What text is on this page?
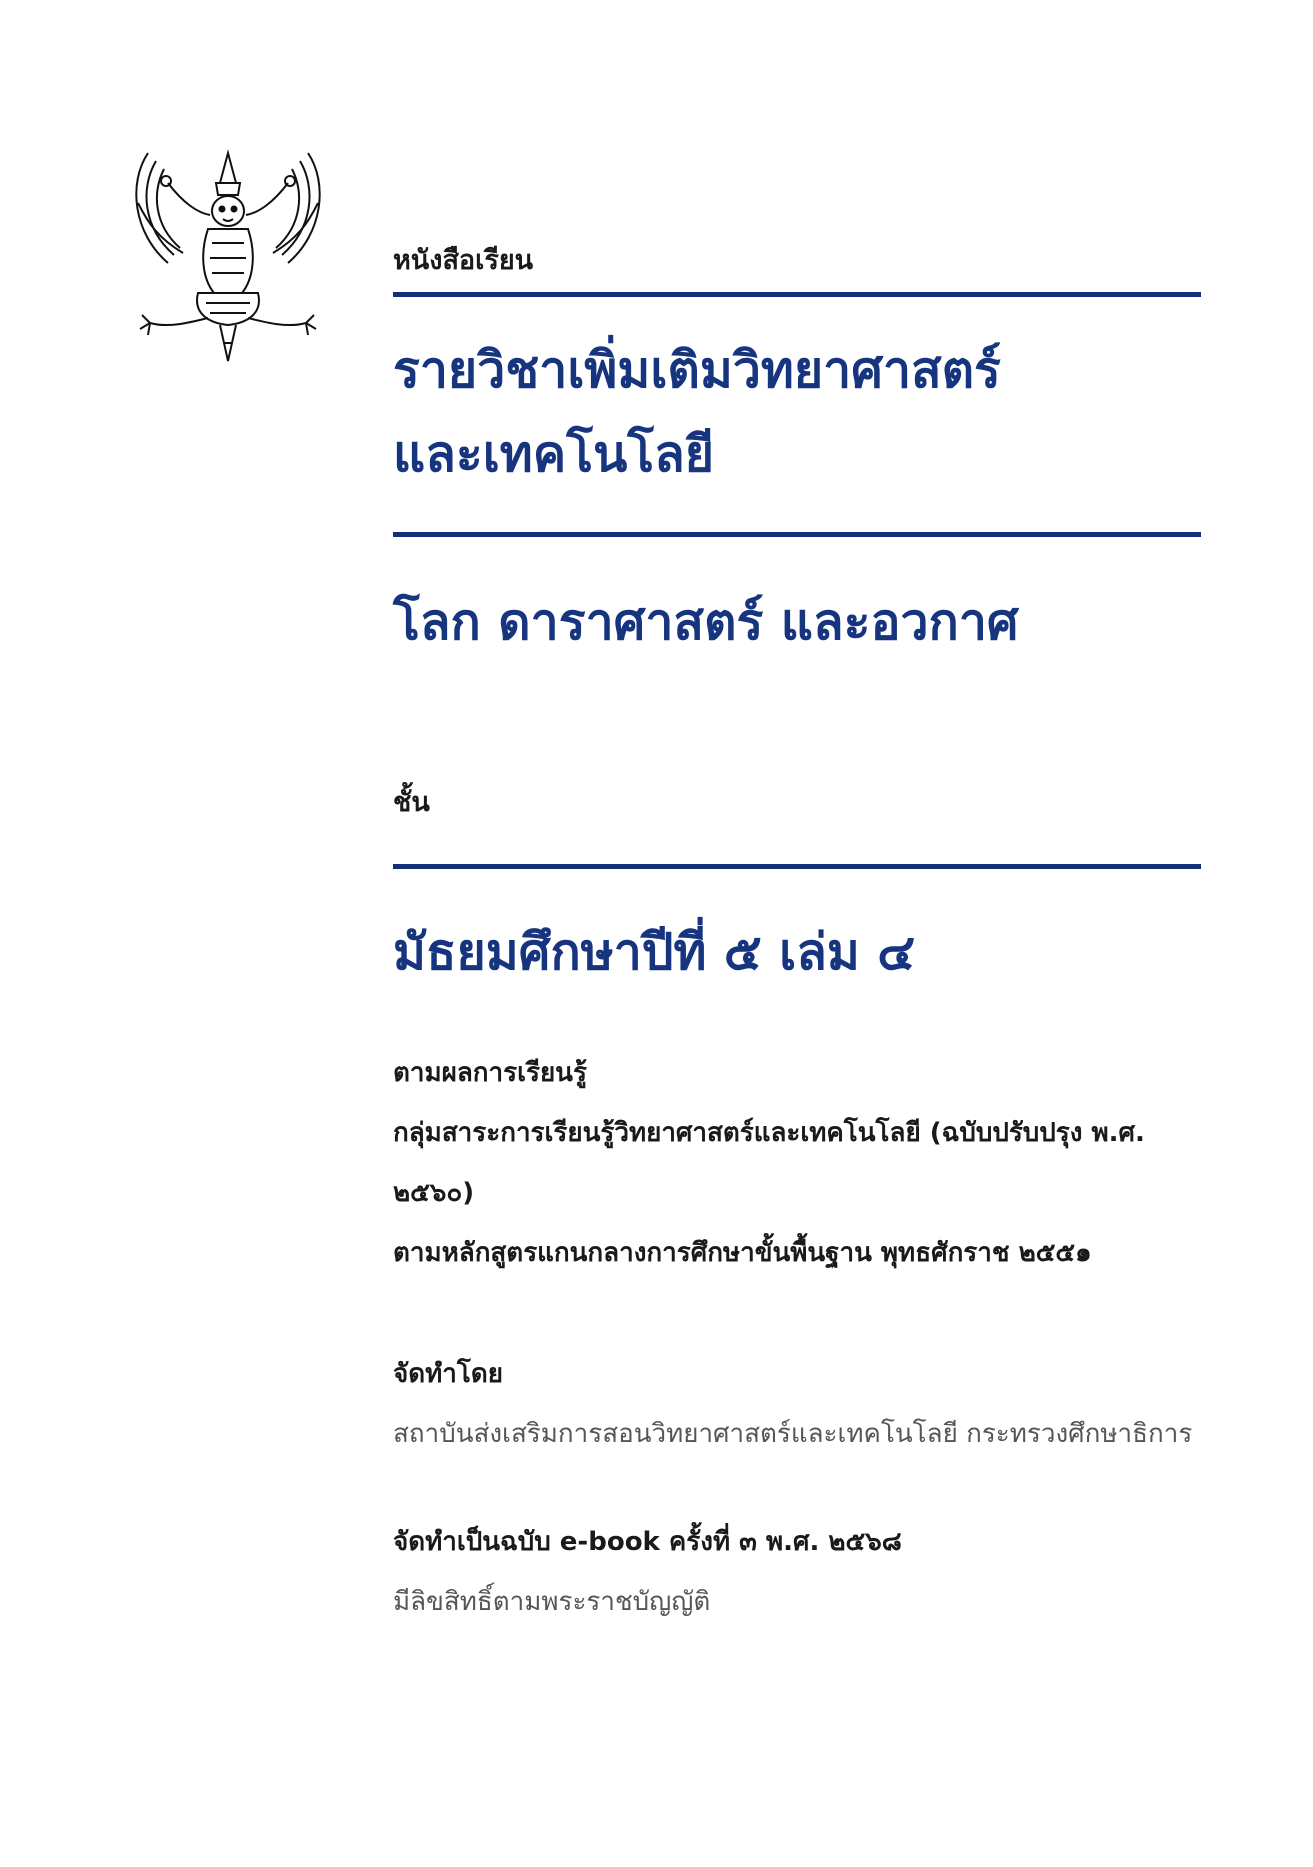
หนังสือเรียน
รายวิชาเพิ่มเติมวิทยาศาสตร์
และเทคโนโลยี
โลก ดาราศาสตร์ และอวกาศ
ชั้น
มัธยมศึกษาปีที่ ๕ เล่ม ๔
ตามผลการเรียนรู้
กลุ่มสาระการเรียนรู้วิทยาศาสตร์และเทคโนโลยี (ฉบับปรับปรุง พ.ศ.
๒๕๖๐)
ตามหลักสูตรแกนกลางการศึกษาขั้นพื้นฐาน พุทธศักราช ๒๕๕๑
จัดทำโดย
สถาบันส่งเสริมการสอนวิทยาศาสตร์และเทคโนโลยี กระทรวงศึกษาธิการ
จัดทำเป็นฉบับ e-book ครั้งที่ ๓ พ.ศ. ๒๕๖๘
มีลิขสิทธิ์ตามพระราชบัญญัติ
